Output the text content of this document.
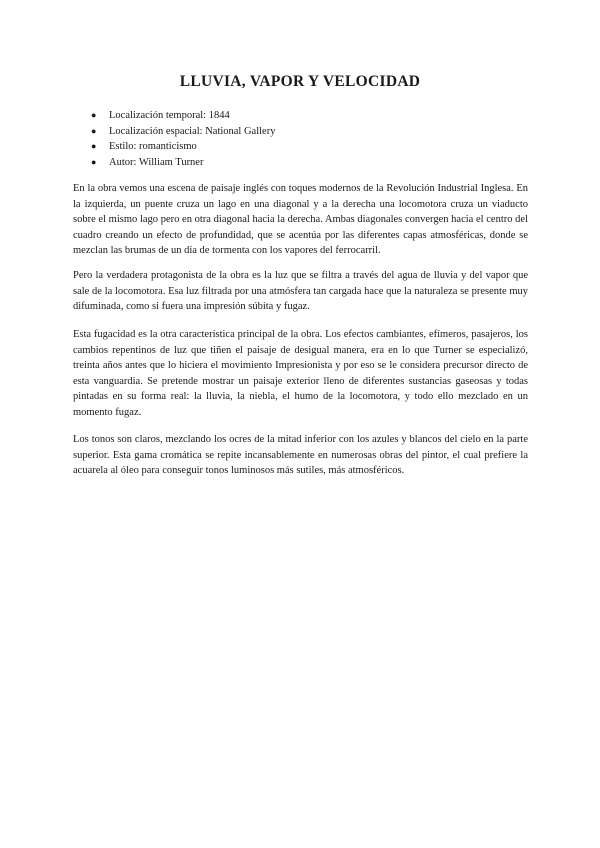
LLUVIA, VAPOR Y VELOCIDAD
● Localización temporal: 1844
● Localización espacial: National Gallery
● Estilo: romanticismo
● Autor: William Turner

En la obra vemos una escena de paisaje inglés con toques modernos de la Revolución Industrial Inglesa. En la izquierda, un puente cruza un lago en una diagonal y a la derecha una locomotora cruza un viaducto sobre el mismo lago pero en otra diagonal hacia la derecha. Ambas diagonales convergen hacia el centro del cuadro creando un efecto de profundidad, que se acentúa por las diferentes capas atmosféricas, donde se mezclan las brumas de un día de tormenta con los vapores del ferrocarril.

Pero la verdadera protagonista de la obra es la luz que se filtra a través del agua de lluvia y del vapor que sale de la locomotora. Esa luz filtrada por una atmósfera tan cargada hace que la naturaleza se presente muy difuminada, como si fuera una impresión súbita y fugaz.

Esta fugacidad es la otra característica principal de la obra. Los efectos cambiantes, efímeros, pasajeros, los cambios repentinos de luz que tiñen el paisaje de desigual manera, era en lo que Turner se especializó, treinta años antes que lo hiciera el movimiento Impresionista y por eso se le considera precursor directo de esta vanguardia. Se pretende mostrar un paisaje exterior lleno de diferentes sustancias gaseosas y todas pintadas en su forma real: la lluvia, la niebla, el humo de la locomotora, y todo ello mezclado en un momento fugaz.

Los tonos son claros, mezclando los ocres de la mitad inferior con los azules y blancos del cielo en la parte superior. Esta gama cromática se repite incansablemente en numerosas obras del pintor, el cual prefiere la acuarela al óleo para conseguir tonos luminosos más sutiles, más atmosféricos.
